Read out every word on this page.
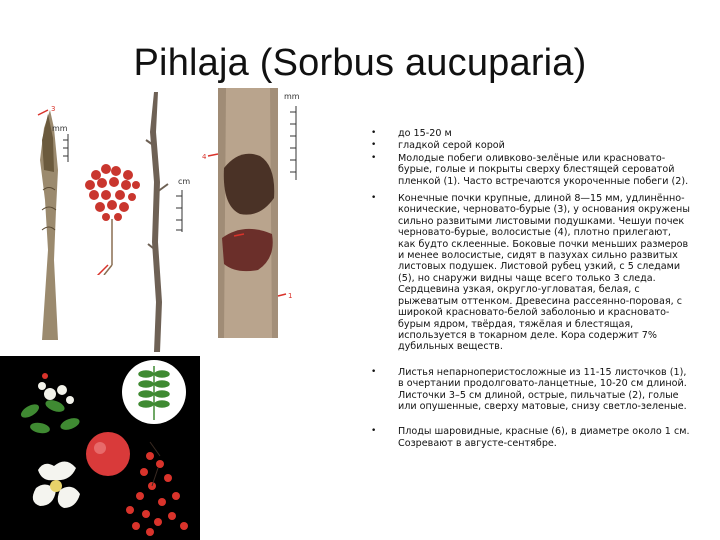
Pihlaja (Sorbus aucuparia)
mm
3
cm
mm
4
1
• до 15-20 м
• гладкой серой корой
• Молодые побеги оливково-зелёные или красновато-бурые, голые и покрыты сверху блестящей сероватой пленкой (1). Часто встречаются укороченные побеги (2).
• Конечные почки крупные, длиной 8—15 мм, удлинённо-конические, черновато-бурые (3), у основания окружены сильно развитыми листовыми подушками. Чешуи почек черновато-бурые, волосистые (4), плотно прилегают, как будто склеенные. Боковые почки меньших размеров и менее волосистые, сидят в пазухах сильно развитых листовых подушек. Листовой рубец узкий, с 5 следами (5), но снаружи видны чаще всего только 3 следа. Сердцевина узкая, округло-угловатая, белая, с рыжеватым оттенком. Древесина рассеянно-поровая, с широкой красновато-белой заболонью и красновато-бурым ядром, твёрдая, тяжёлая и блестящая, используется в токарном деле. Кора содержит 7% дубильных веществ.
• Листья непарноперистосложные из 11-15 листочков (1), в очертании продолговато-ланцетные, 10-20 см длиной. Листочки 3–5 см длиной, острые, пильчатые (2), голые или опушенные, сверху матовые, снизу светло-зеленые.
• Плоды шаровидные, красные (6), в диаметре около 1 см. Созревают в августе-сентябре.
